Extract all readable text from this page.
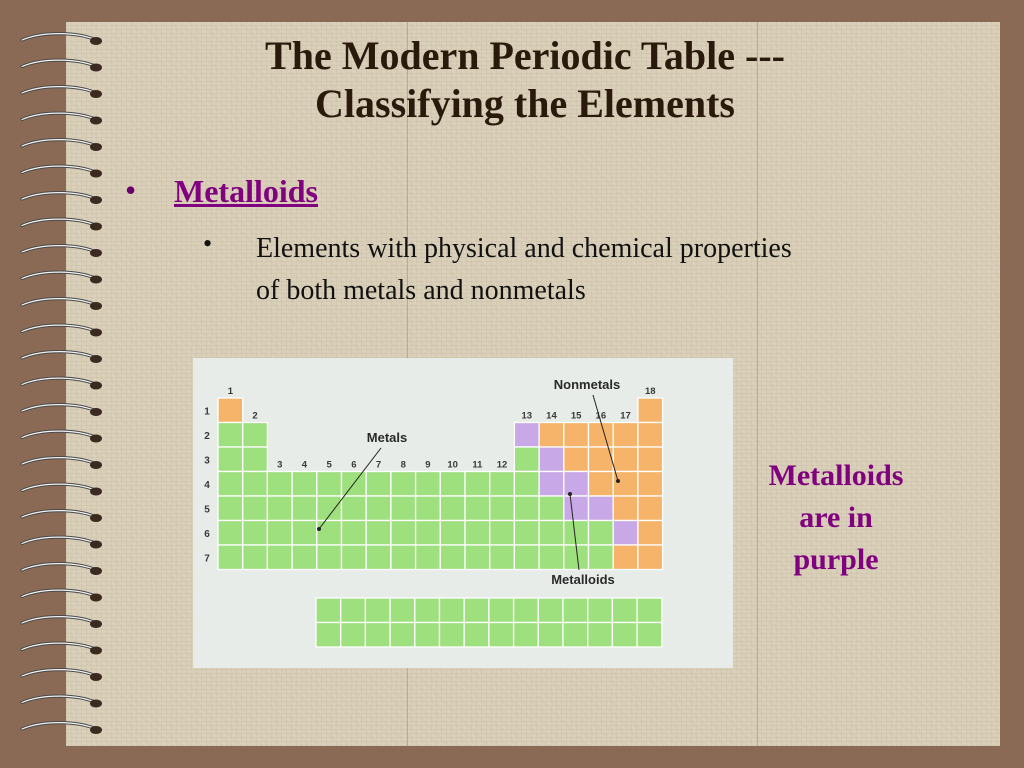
The Modern Periodic Table ---
Classifying the Elements
• Metalloids
• Elements with physical and chemical properties
of both metals and nonmetals

1
2
3 4 5 6 7 8 9 10 11 12
13 14 15 16 17
18
1
2
3
4
5
6
7
Nonmetals
Metals
Metalloids

Metalloids
are in
purple
